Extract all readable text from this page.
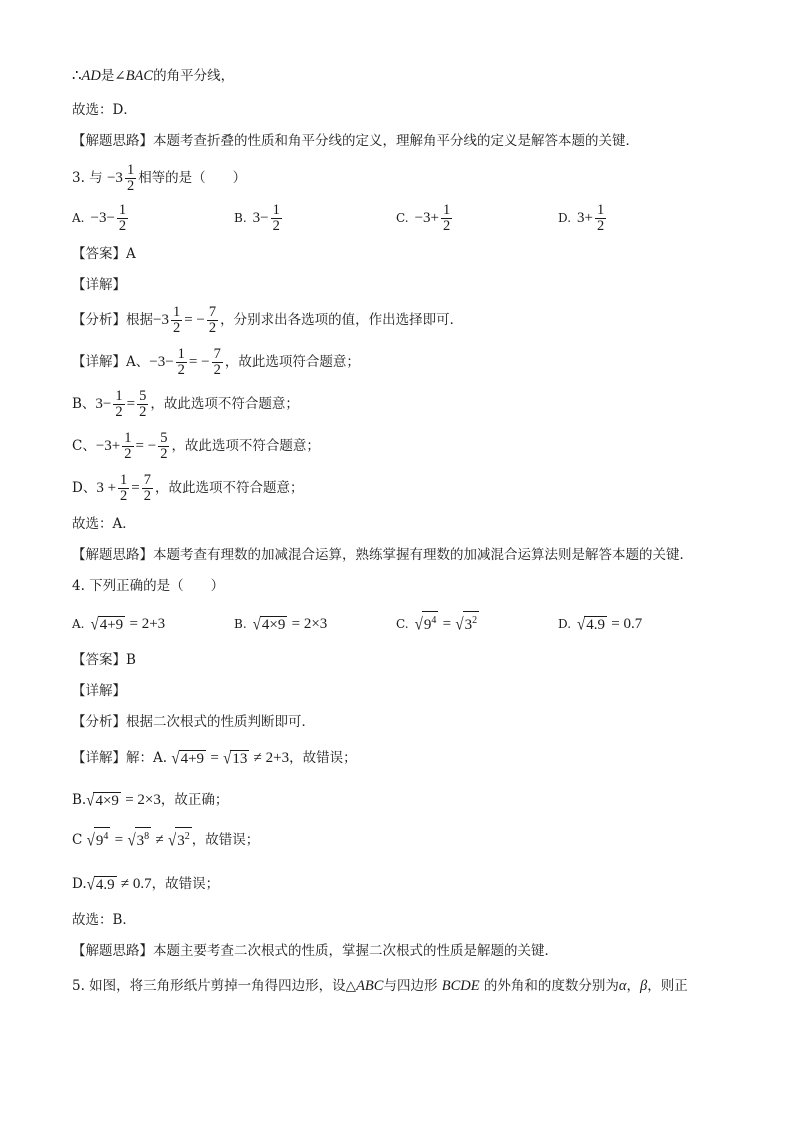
∴AD是∠BAC的角平分线，
故选：D．
【解题思路】本题考查折叠的性质和角平分线的定义，理解角平分线的定义是解答本题的关键．
3. 与 $-3 \frac{1}{2}$ 相等的是（　　）
A. $-3- \frac{1}{2}$	B. $3- \frac{1}{2}$	C. $-3+ \frac{1}{2}$	D. $3+ \frac{1}{2}$
【答案】A
【详解】
【分析】根据$-3 \frac{1}{2}$ = − $\frac{7}{2}$ ，分别求出各选项的值，作出选择即可．
【详解】A、$-3- \frac{1}{2}$ = − $\frac{7}{2}$ ，故此选项符合题意；
B、$3- \frac{1}{2} = \frac{5}{2}$ ，故此选项不符合题意；
C、$-3+ \frac{1}{2}$ = − $\frac{5}{2}$ ，故此选项不符合题意；
D、$3 + \frac{1}{2} = \frac{7}{2}$ ，故此选项不符合题意；
故选：A．
【解题思路】本题考查有理数的加减混合运算，熟练掌握有理数的加减混合运算法则是解答本题的关键．
4. 下列正确的是（　　）
A. √4+9 = 2+3	B. √4×9 = 2×3	C. $√9^4 = √3^2$	D. √4.9 = 0.7
【答案】B
【详解】
【分析】根据二次根式的性质判断即可．
【详解】解：A. √4+9 = √13 ≠ 2+3，故错误；
B.√4×9 = 2×3，故正确；
C $√9^4 = √3^8 \ne √3^2$ ，故错误；
D.√4.9 ≠ 0.7，故错误；
故选：B．
【解题思路】本题主要考查二次根式的性质，掌握二次根式的性质是解题的关键．
5. 如图，将三角形纸片剪掉一角得四边形，设△ABC与四边形 BCDE 的外角和的度数分别为α，β，则正
